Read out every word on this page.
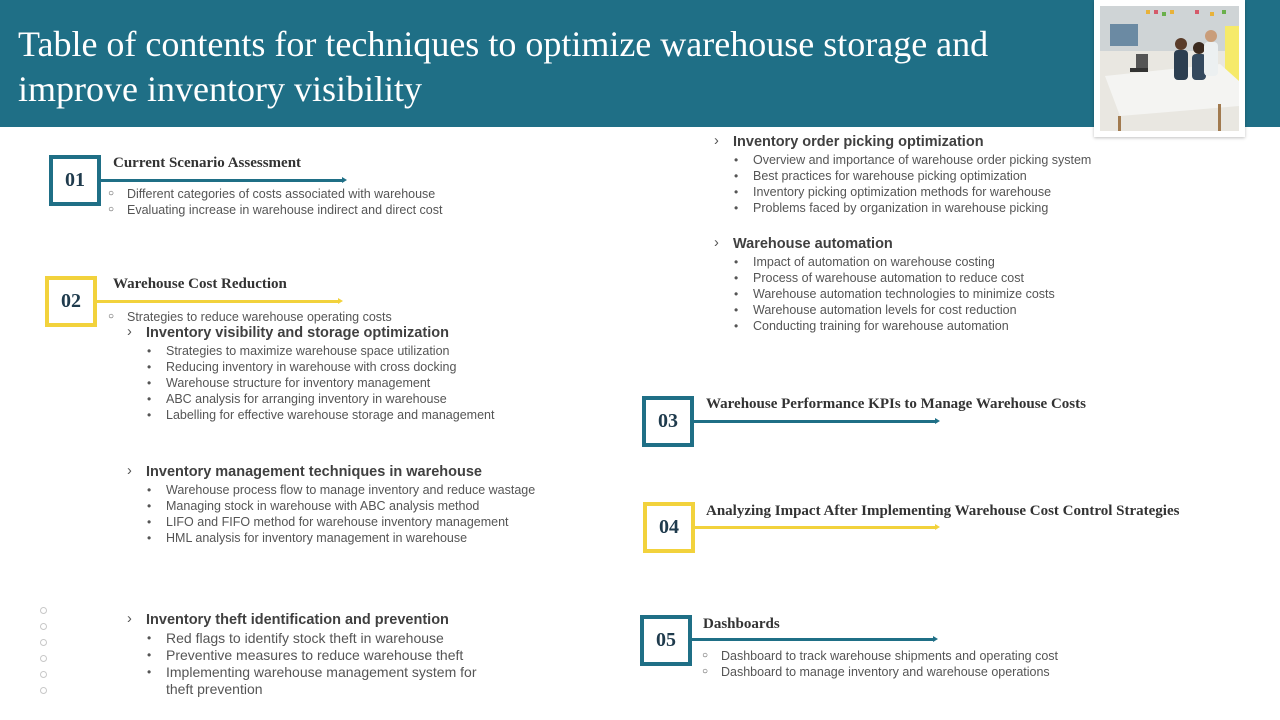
Table of contents for techniques to optimize warehouse storage and improve inventory visibility
01
Current Scenario Assessment
○ Different categories of costs associated with warehouse
○ Evaluating increase in warehouse indirect and direct cost
02
Warehouse Cost Reduction
○ Strategies to reduce warehouse operating costs
› Inventory visibility and storage optimization
• Strategies to maximize warehouse space utilization
• Reducing inventory in warehouse with cross docking
• Warehouse structure for inventory management
• ABC analysis for arranging inventory in warehouse
• Labelling for effective warehouse storage and management
› Inventory management techniques in warehouse
• Warehouse process flow to manage inventory and reduce wastage
• Managing stock in warehouse with ABC analysis method
• LIFO and FIFO method for warehouse inventory management
• HML analysis for inventory management in warehouse
› Inventory theft identification and prevention
• Red flags to identify stock theft in warehouse
• Preventive measures to reduce warehouse theft
• Implementing warehouse management system for
theft prevention
› Inventory order picking optimization
• Overview and importance of warehouse order picking system
• Best practices for warehouse picking optimization
• Inventory picking optimization methods for warehouse
• Problems faced by organization in warehouse picking
› Warehouse automation
• Impact of automation on warehouse costing
• Process of warehouse automation to reduce cost
• Warehouse automation technologies to minimize costs
• Warehouse automation levels for cost reduction
• Conducting training for warehouse automation
03
Warehouse Performance KPIs to Manage Warehouse Costs
04
Analyzing Impact After Implementing Warehouse Cost Control Strategies
05
Dashboards
○ Dashboard to track warehouse shipments and operating cost
○ Dashboard to manage inventory and warehouse operations
